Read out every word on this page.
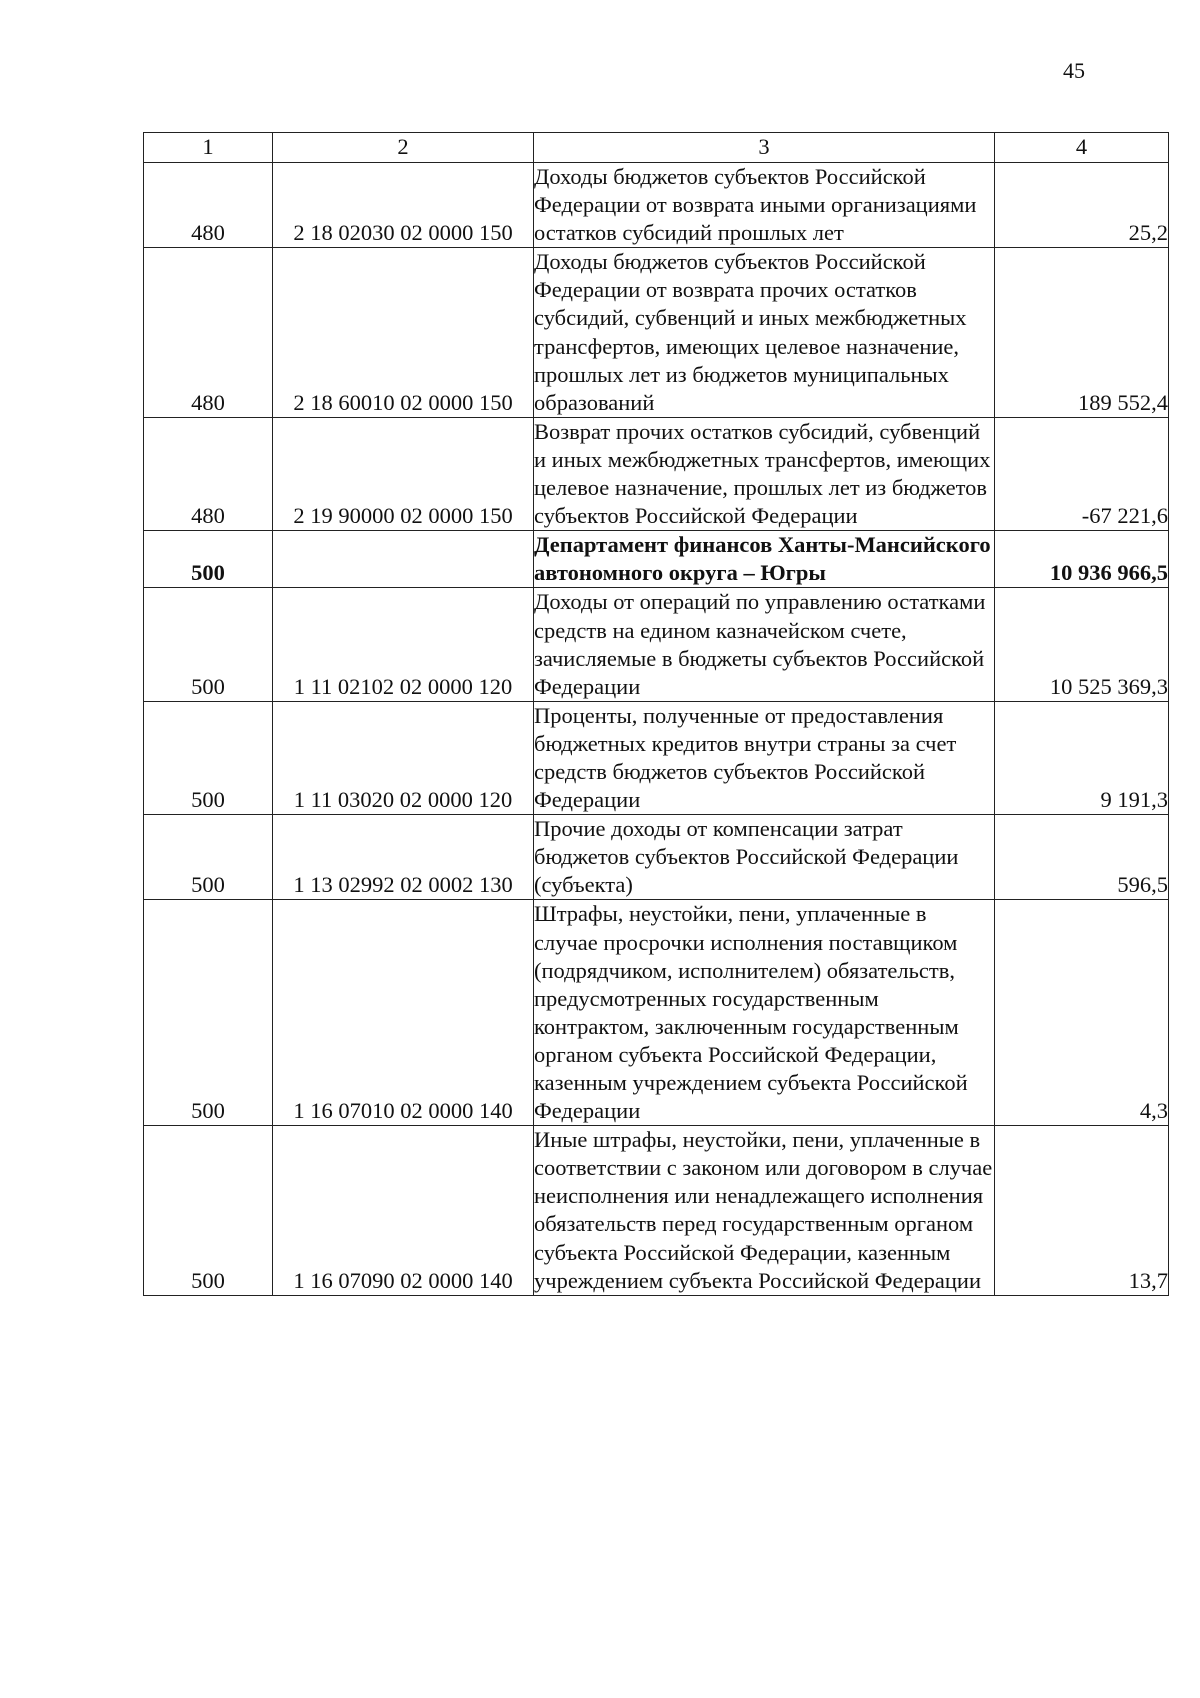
45
1	2	3	4
480	2 18 02030 02 0000 150	Доходы бюджетов субъектов Российской Федерации от возврата иными организациями остатков субсидий прошлых лет	25,2
480	2 18 60010 02 0000 150	Доходы бюджетов субъектов Российской Федерации от возврата прочих остатков субсидий, субвенций и иных межбюджетных трансфертов, имеющих целевое назначение, прошлых лет из бюджетов муниципальных образований	189 552,4
480	2 19 90000 02 0000 150	Возврат прочих остатков субсидий, субвенций и иных межбюджетных трансфертов, имеющих целевое назначение, прошлых лет из бюджетов субъектов Российской Федерации	-67 221,6
500		Департамент финансов Ханты-Мансийского автономного округа – Югры	10 936 966,5
500	1 11 02102 02 0000 120	Доходы от операций по управлению остатками средств на едином казначейском счете, зачисляемые в бюджеты субъектов Российской Федерации	10 525 369,3
500	1 11 03020 02 0000 120	Проценты, полученные от предоставления бюджетных кредитов внутри страны за счет средств бюджетов субъектов Российской Федерации	9 191,3
500	1 13 02992 02 0002 130	Прочие доходы от компенсации затрат бюджетов субъектов Российской Федерации (субъекта)	596,5
500	1 16 07010 02 0000 140	Штрафы, неустойки, пени, уплаченные в случае просрочки исполнения поставщиком (подрядчиком, исполнителем) обязательств, предусмотренных государственным контрактом, заключенным государственным органом субъекта Российской Федерации, казенным учреждением субъекта Российской Федерации	4,3
500	1 16 07090 02 0000 140	Иные штрафы, неустойки, пени, уплаченные в соответствии с законом или договором в случае неисполнения или ненадлежащего исполнения обязательств перед государственным органом субъекта Российской Федерации, казенным учреждением субъекта Российской Федерации	13,7
